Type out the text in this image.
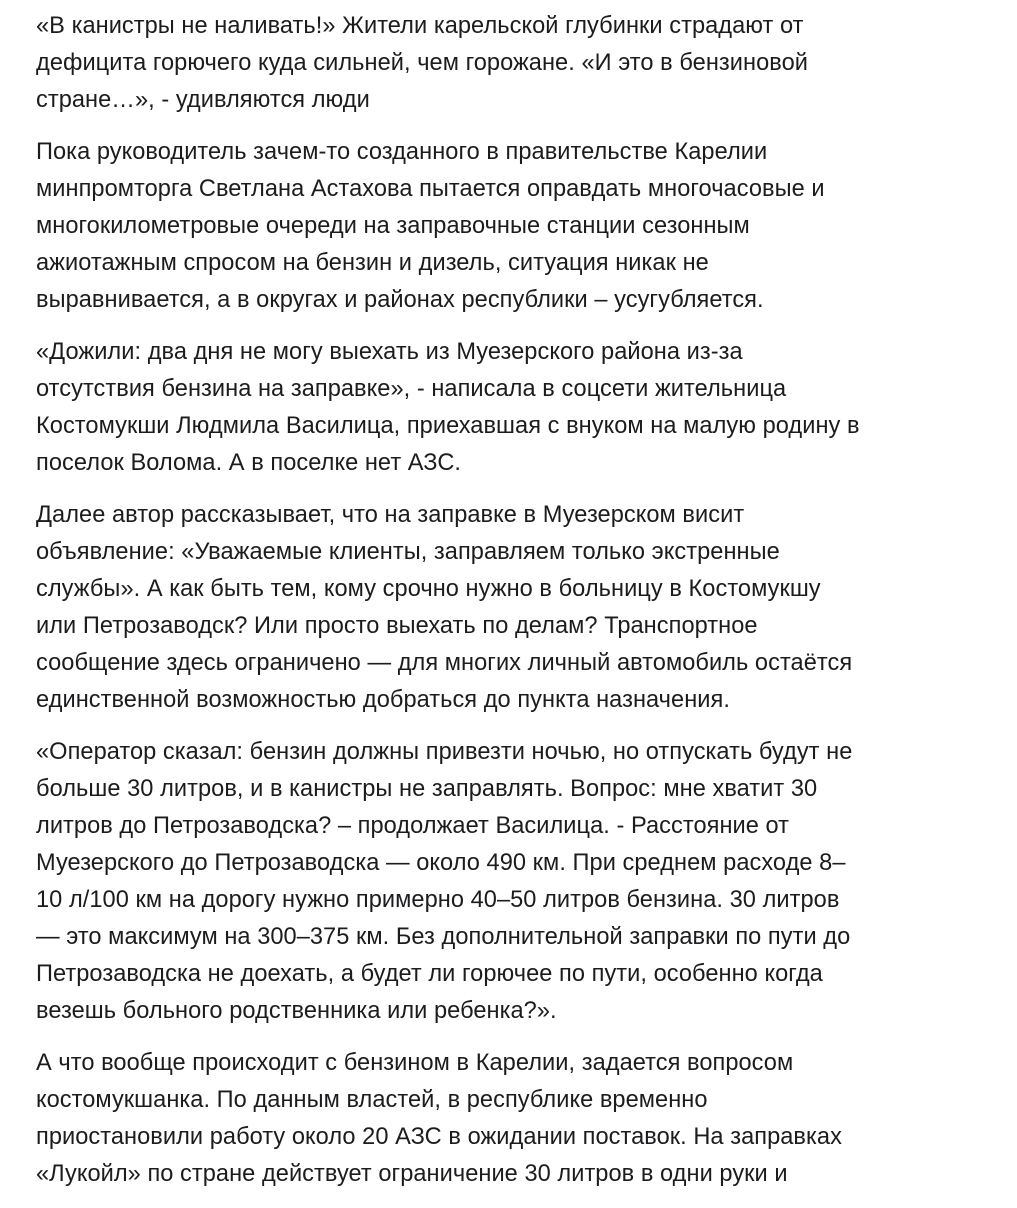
«В канистры не наливать!» Жители карельской глубинки страдают от
дефицита горючего куда сильней, чем горожане. «И это в бензиновой
стране…», - удивляются люди

Пока руководитель зачем-то созданного в правительстве Карелии
минпромторга Светлана Астахова пытается оправдать многочасовые и
многокилометровые очереди на заправочные станции сезонным
ажиотажным спросом на бензин и дизель, ситуация никак не
выравнивается, а в округах и районах республики – усугубляется.

«Дожили: два дня не могу выехать из Муезерского района из-за
отсутствия бензина на заправке», - написала в соцсети жительница
Костомукши Людмила Василица, приехавшая с внуком на малую родину в
поселок Волома. А в поселке нет АЗС.

Далее автор рассказывает, что на заправке в Муезерском висит
объявление: «Уважаемые клиенты, заправляем только экстренные
службы». А как быть тем, кому срочно нужно в больницу в Костомукшу
или Петрозаводск? Или просто выехать по делам? Транспортное
сообщение здесь ограничено — для многих личный автомобиль остаётся
единственной возможностью добраться до пункта назначения.

«Оператор сказал: бензин должны привезти ночью, но отпускать будут не
больше 30 литров, и в канистры не заправлять. Вопрос: мне хватит 30
литров до Петрозаводска? – продолжает Василица. - Расстояние от
Муезерского до Петрозаводска — около 490 км. При среднем расходе 8–
10 л/100 км на дорогу нужно примерно 40–50 литров бензина. 30 литров
— это максимум на 300–375 км. Без дополнительной заправки по пути до
Петрозаводска не доехать, а будет ли горючее по пути, особенно когда
везешь больного родственника или ребенка?».

А что вообще происходит с бензином в Карелии, задается вопросом
костомукшанка. По данным властей, в республике временно
приостановили работу около 20 АЗС в ожидании поставок. На заправках
«Лукойл» по стране действует ограничение 30 литров в одни руки и
